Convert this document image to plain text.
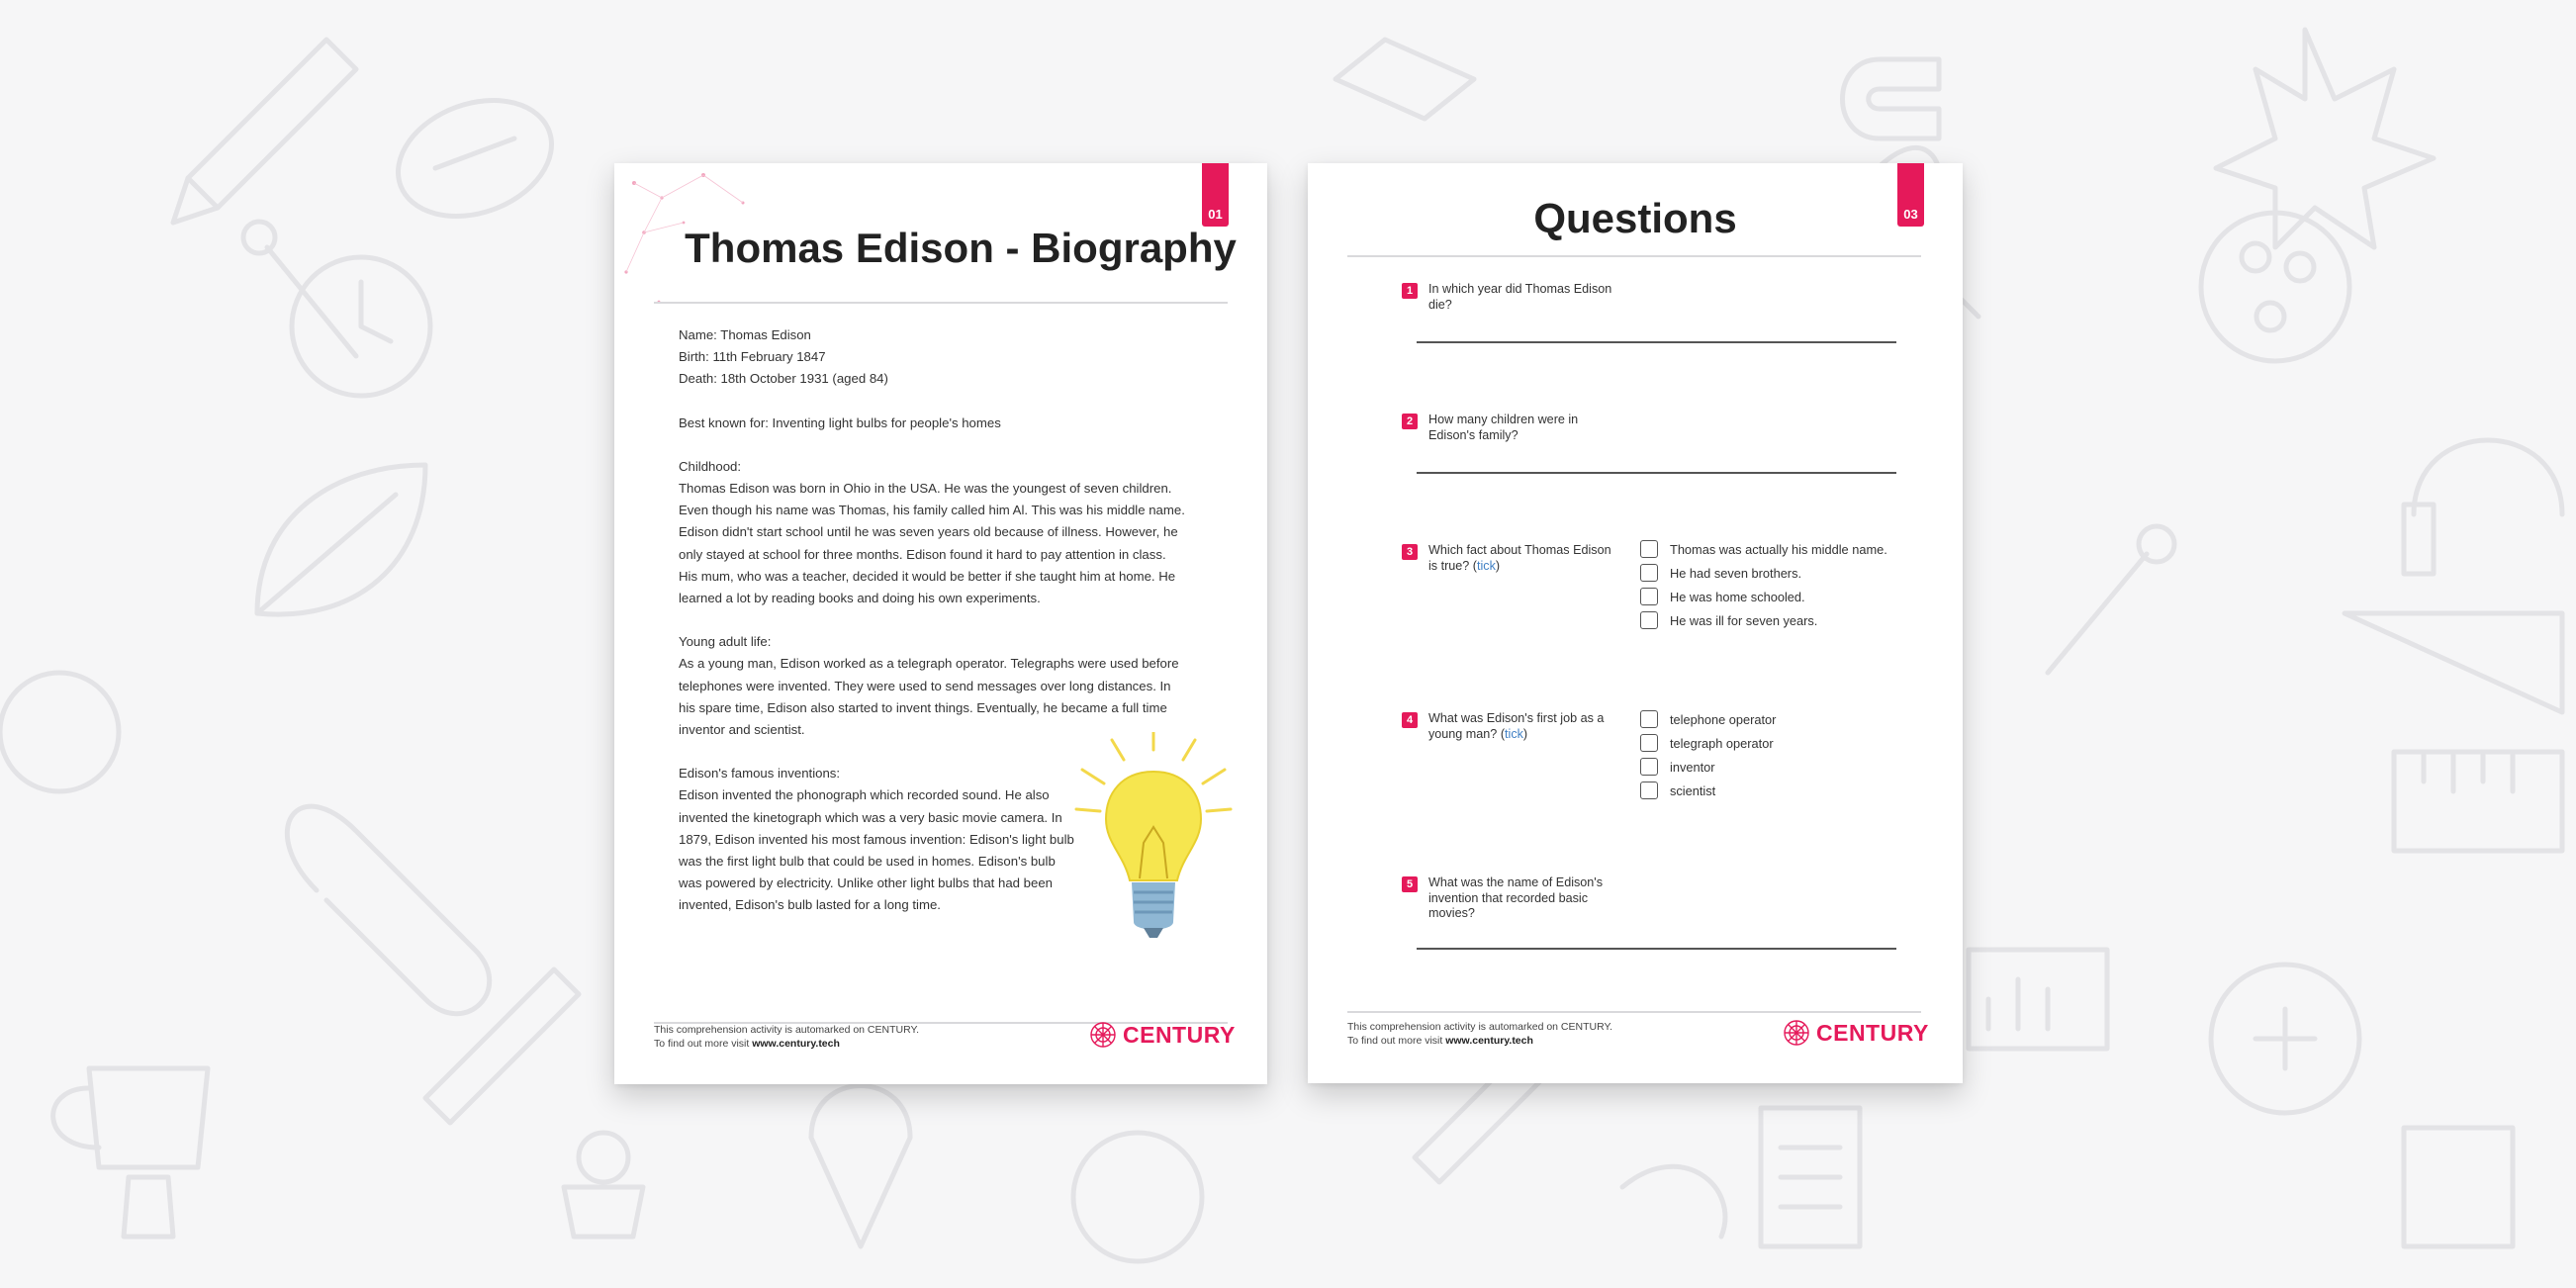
01
Thomas Edison - Biography
Name: Thomas Edison
Birth: 11th February 1847
Death: 18th October 1931 (aged 84)
Best known for: Inventing light bulbs for people's homes
Childhood:
Thomas Edison was born in Ohio in the USA. He was the youngest of seven children.
Even though his name was Thomas, his family called him Al. This was his middle name.
Edison didn't start school until he was seven years old because of illness. However, he
only stayed at school for three months. Edison found it hard to pay attention in class.
His mum, who was a teacher, decided it would be better if she taught him at home. He
learned a lot by reading books and doing his own experiments.
Young adult life:
As a young man, Edison worked as a telegraph operator. Telegraphs were used before
telephones were invented. They were used to send messages over long distances. In
his spare time, Edison also started to invent things. Eventually, he became a full time
inventor and scientist.
Edison's famous inventions:
Edison invented the phonograph which recorded sound. He also
invented the kinetograph which was a very basic movie camera. In
1879, Edison invented his most famous invention: Edison's light bulb
was the first light bulb that could be used in homes. Edison's bulb
was powered by electricity. Unlike other light bulbs that had been
invented, Edison's bulb lasted for a long time.
This comprehension activity is automarked on CENTURY.
To find out more visit www.century.tech	CENTURY
03
Questions
1	In which year did Thomas Edison
die?
2	How many children were in
Edison's family?
3	Which fact about Thomas Edison
is true? (tick)
Thomas was actually his middle name.
He had seven brothers.
He was home schooled.
He was ill for seven years.
4	What was Edison's first job as a
young man? (tick)
telephone operator
telegraph operator
inventor
scientist
5	What was the name of Edison's
invention that recorded basic
movies?
This comprehension activity is automarked on CENTURY.
To find out more visit www.century.tech	CENTURY
